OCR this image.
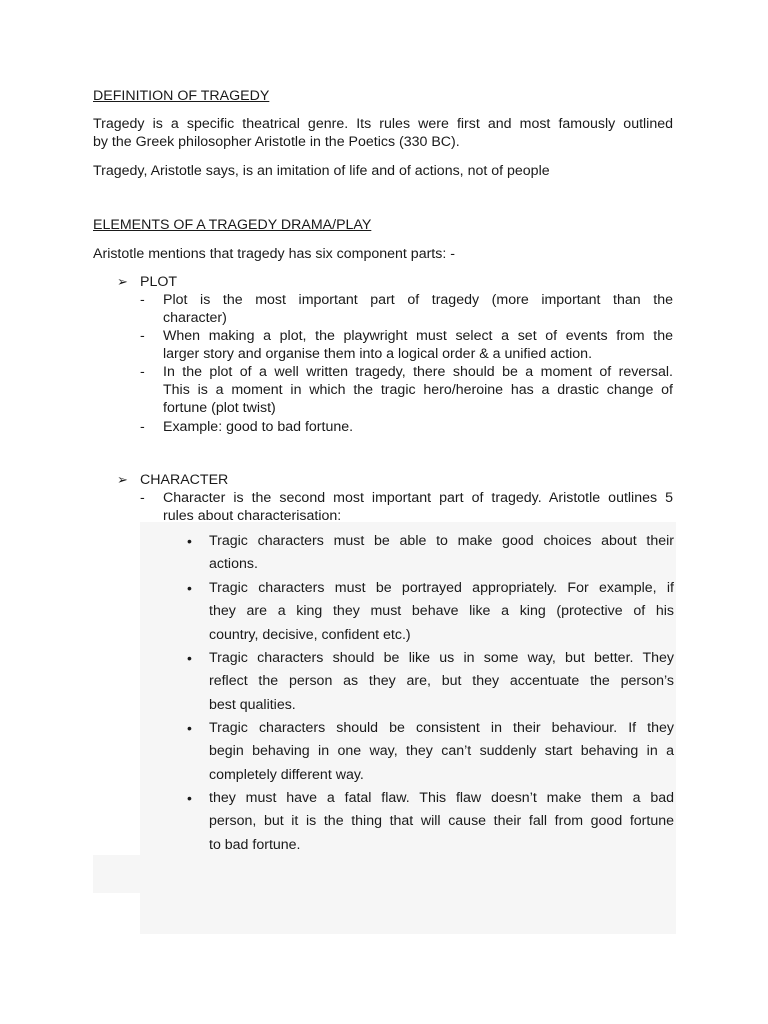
DEFINITION OF TRAGEDY
Tragedy is a specific theatrical genre. Its rules were first and most famously outlined
by the Greek philosopher Aristotle in the Poetics (330 BC).
Tragedy, Aristotle says, is an imitation of life and of actions, not of people
ELEMENTS OF A TRAGEDY DRAMA/PLAY
Aristotle mentions that tragedy has six component parts: -
➢ PLOT
- Plot is the most important part of tragedy (more important than the
character)
- When making a plot, the playwright must select a set of events from the
larger story and organise them into a logical order & a unified action.
- In the plot of a well written tragedy, there should be a moment of reversal.
This is a moment in which the tragic hero/heroine has a drastic change of
fortune (plot twist)
- Example: good to bad fortune.
➢ CHARACTER
- Character is the second most important part of tragedy. Aristotle outlines 5
rules about characterisation:
• Tragic characters must be able to make good choices about their
actions.
• Tragic characters must be portrayed appropriately. For example, if
they are a king they must behave like a king (protective of his
country, decisive, confident etc.)
• Tragic characters should be like us in some way, but better. They
reflect the person as they are, but they accentuate the person’s
best qualities.
• Tragic characters should be consistent in their behaviour. If they
begin behaving in one way, they can’t suddenly start behaving in a
completely different way.
• they must have a fatal flaw. This flaw doesn’t make them a bad
person, but it is the thing that will cause their fall from good fortune
to bad fortune.
